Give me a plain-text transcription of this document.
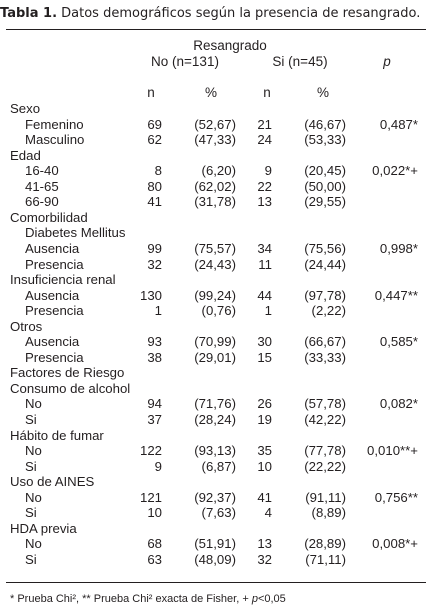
Tabla 1. Datos demográficos según la presencia de resangrado.
Resangrado
No (n=131)	Si (n=45)	p
n	%	n	%
Sexo
Femenino	69	(52,67)	21	(46,67)	0,487*
Masculino	62	(47,33)	24	(53,33)
Edad
16-40	8	(6,20)	9	(20,45)	0,022*+
41-65	80	(62,02)	22	(50,00)
66-90	41	(31,78)	13	(29,55)
Comorbilidad
Diabetes Mellitus
Ausencia	99	(75,57)	34	(75,56)	0,998*
Presencia	32	(24,43)	11	(24,44)
Insuficiencia renal
Ausencia	130	(99,24)	44	(97,78)	0,447**
Presencia	1	(0,76)	1	(2,22)
Otros
Ausencia	93	(70,99)	30	(66,67)	0,585*
Presencia	38	(29,01)	15	(33,33)
Factores de Riesgo
Consumo de alcohol
No	94	(71,76)	26	(57,78)	0,082*
Si	37	(28,24)	19	(42,22)
Hábito de fumar
No	122	(93,13)	35	(77,78)	0,010**+
Si	9	(6,87)	10	(22,22)
Uso de AINES
No	121	(92,37)	41	(91,11)	0,756**
Si	10	(7,63)	4	(8,89)
HDA previa
No	68	(51,91)	13	(28,89)	0,008*+
Si	63	(48,09)	32	(71,11)
* Prueba Chi², ** Prueba Chi² exacta de Fisher, + p<0,05
